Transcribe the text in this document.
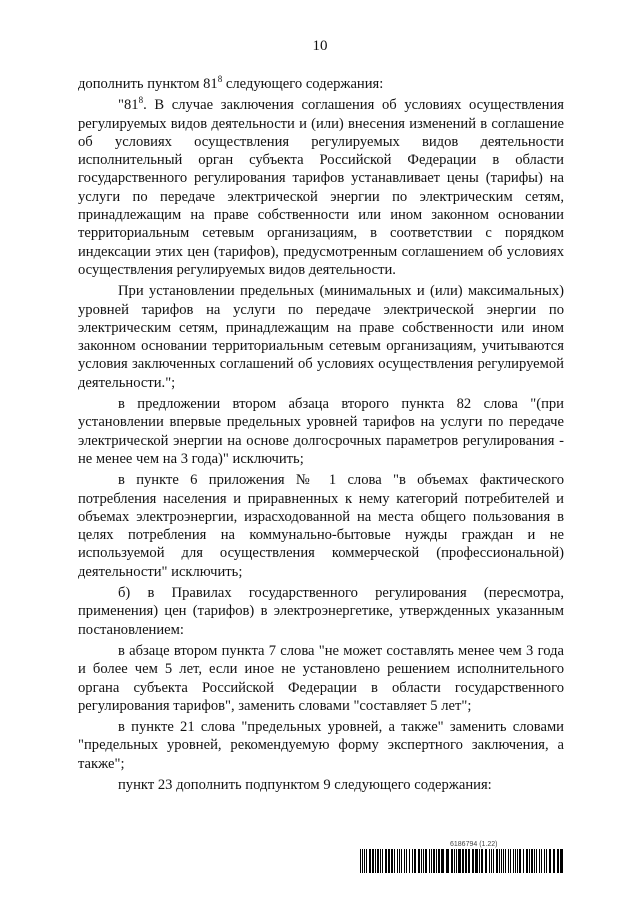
10

дополнить пунктом $81^8$ следующего содержания:

"$81^8$. В случае заключения соглашения об условиях осуществления регулируемых видов деятельности и (или) внесения изменений в соглашение об условиях осуществления регулируемых видов деятельности исполнительный орган субъекта Российской Федерации в области государственного регулирования тарифов устанавливает цены (тарифы) на услуги по передаче электрической энергии по электрическим сетям, принадлежащим на праве собственности или ином законном основании территориальным сетевым организациям, в соответствии с порядком индексации этих цен (тарифов), предусмотренным соглашением об условиях осуществления регулируемых видов деятельности.

При установлении предельных (минимальных и (или) максимальных) уровней тарифов на услуги по передаче электрической энергии по электрическим сетям, принадлежащим на праве собственности или ином законном основании территориальным сетевым организациям, учитываются условия заключенных соглашений об условиях осуществления регулируемой деятельности.";

в предложении втором абзаца второго пункта 82 слова "(при установлении впервые предельных уровней тарифов на услуги по передаче электрической энергии на основе долгосрочных параметров регулирования - не менее чем на 3 года)" исключить;

в пункте 6 приложения № 1 слова "в объемах фактического потребления населения и приравненных к нему категорий потребителей и объемах электроэнергии, израсходованной на места общего пользования в целях потребления на коммунально-бытовые нужды граждан и не используемой для осуществления коммерческой (профессиональной) деятельности" исключить;

б) в Правилах государственного регулирования (пересмотра, применения) цен (тарифов) в электроэнергетике, утвержденных указанным постановлением:

в абзаце втором пункта 7 слова "не может составлять менее чем 3 года и более чем 5 лет, если иное не установлено решением исполнительного органа субъекта Российской Федерации в области государственного регулирования тарифов", заменить словами "составляет 5 лет";

в пункте 21 слова "предельных уровней, а также" заменить словами "предельных уровней, рекомендуемую форму экспертного заключения, а также";

пункт 23 дополнить подпунктом 9 следующего содержания:

6186794 (1.22)
